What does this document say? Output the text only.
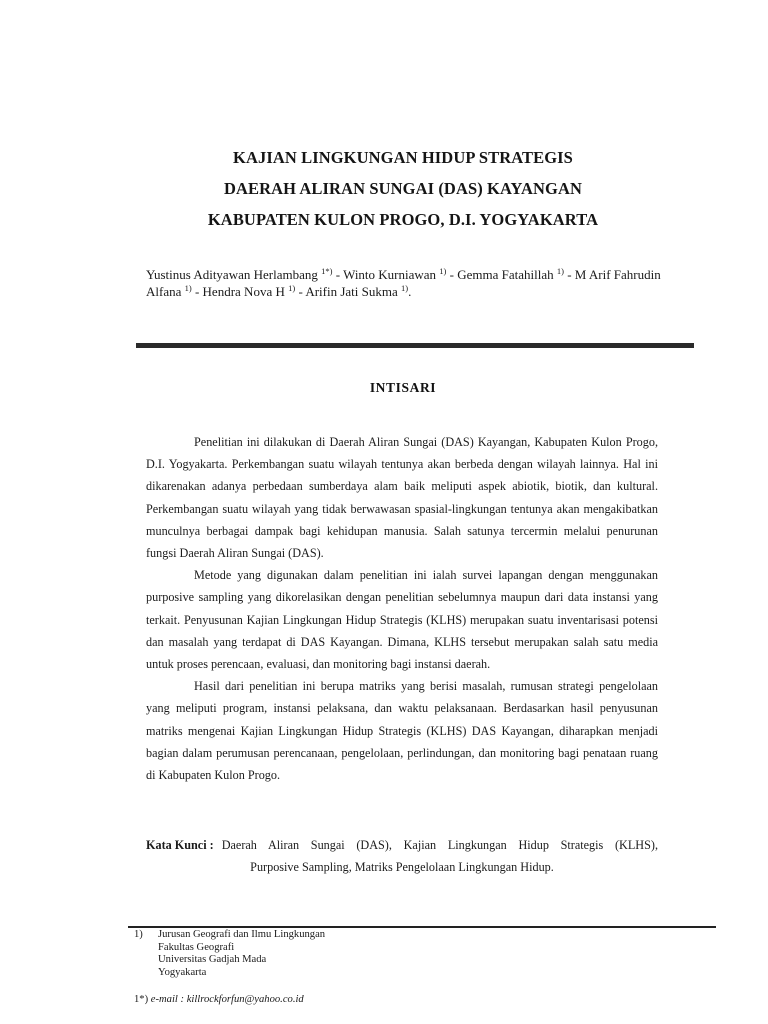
KAJIAN LINGKUNGAN HIDUP STRATEGIS
DAERAH ALIRAN SUNGAI (DAS) KAYANGAN
KABUPATEN KULON PROGO, D.I. YOGYAKARTA
Yustinus Adityawan Herlambang $^{1*)}$ - Winto Kurniawan $^{1)}$ - Gemma Fatahillah $^{1)}$ - M Arif Fahrudin Alfana $^{1)}$ - Hendra Nova H $^{1)}$ - Arifin Jati Sukma $^{1)}$.
INTISARI

Penelitian ini dilakukan di Daerah Aliran Sungai (DAS) Kayangan, Kabupaten Kulon Progo, D.I. Yogyakarta. Perkembangan suatu wilayah tentunya akan berbeda dengan wilayah lainnya. Hal ini dikarenakan adanya perbedaan sumberdaya alam baik meliputi aspek abiotik, biotik, dan kultural. Perkembangan suatu wilayah yang tidak berwawasan spasial-lingkungan tentunya akan mengakibatkan munculnya berbagai dampak bagi kehidupan manusia. Salah satunya tercermin melalui penurunan fungsi Daerah Aliran Sungai (DAS).

Metode yang digunakan dalam penelitian ini ialah survei lapangan dengan menggunakan purposive sampling yang dikorelasikan dengan penelitian sebelumnya maupun dari data instansi yang terkait. Penyusunan Kajian Lingkungan Hidup Strategis (KLHS) merupakan suatu inventarisasi potensi dan masalah yang terdapat di DAS Kayangan. Dimana, KLHS tersebut merupakan salah satu media untuk proses perencaan, evaluasi, dan monitoring bagi instansi daerah.

Hasil dari penelitian ini berupa matriks yang berisi masalah, rumusan strategi pengelolaan yang meliputi program, instansi pelaksana, dan waktu pelaksanaan. Berdasarkan hasil penyusunan matriks mengenai Kajian Lingkungan Hidup Strategis (KLHS) DAS Kayangan, diharapkan menjadi bagian dalam perumusan perencanaan, pengelolaan, perlindungan, dan monitoring bagi penataan ruang di Kabupaten Kulon Progo.

Kata Kunci : Daerah Aliran Sungai (DAS), Kajian Lingkungan Hidup Strategis (KLHS),
Purposive Sampling, Matriks Pengelolaan Lingkungan Hidup.
1)	Jurusan Geografi dan Ilmu Lingkungan
Fakultas Geografi
Universitas Gadjah Mada
Yogyakarta
1*) e-mail : killrockforfun@yahoo.co.id
